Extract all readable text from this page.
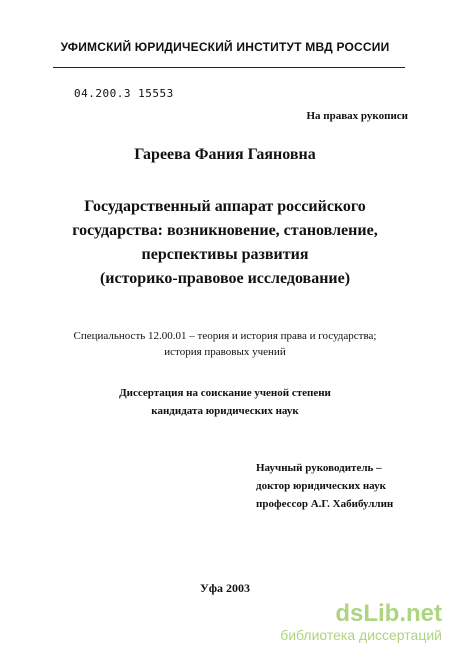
УФИМСКИЙ ЮРИДИЧЕСКИЙ ИНСТИТУТ МВД РОССИИ
04.200.3 15553
На правах рукописи
Гареева Фания Гаяновна
Государственный аппарат российского
государства: возникновение, становление,
перспективы развития
(историко-правовое исследование)
Специальность 12.00.01 – теория и история права и государства;
история правовых учений
Диссертация на соискание ученой степени
кандидата юридических наук
Научный руководитель –
доктор юридических наук
профессор А.Г. Хабибуллин
Уфа 2003
dsLib.net
библиотека диссертаций
